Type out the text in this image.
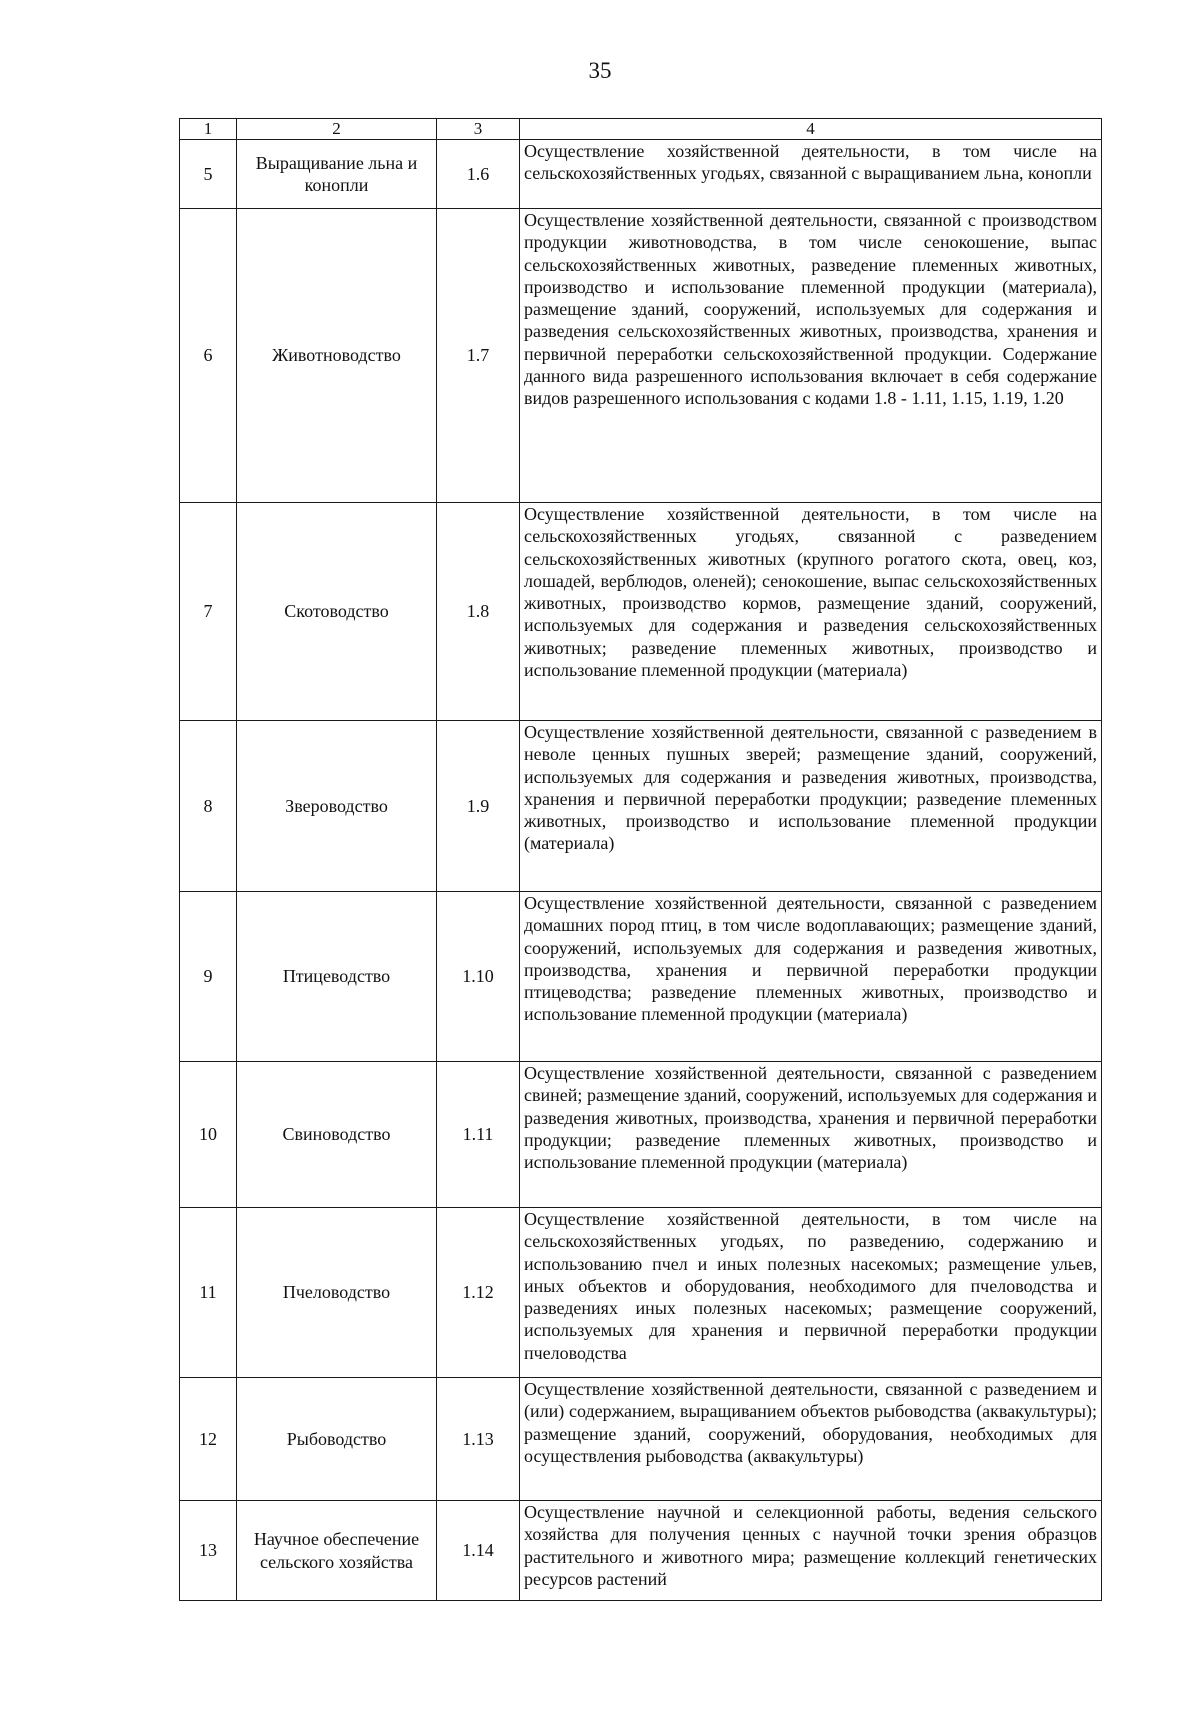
35
1	2	3	4
5	Выращивание льна и конопли	1.6	Осуществление хозяйственной деятельности, в том числе на сельскохозяйственных угодьях, связанной с выращиванием льна, конопли

6	Животноводство	1.7	Осуществление хозяйственной деятельности, связанной с производством продукции животноводства, в том числе сенокошение, выпас сельскохозяйственных животных, разведение племенных животных, производство и использование племенной продукции (материала), размещение зданий, сооружений, используемых для содержания и разведения сельскохозяйственных животных, производства, хранения и первичной переработки сельскохозяйственной продукции. Содержание данного вида разрешенного использования включает в себя содержание видов разрешенного использования с кодами 1.8 - 1.11, 1.15, 1.19, 1.20

7	Скотоводство	1.8	Осуществление хозяйственной деятельности, в том числе на сельскохозяйственных угодьях, связанной с разведением сельскохозяйственных животных (крупного рогатого скота, овец, коз, лошадей, верблюдов, оленей); сенокошение, выпас сельскохозяйственных животных, производство кормов, размещение зданий, сооружений, используемых для содержания и разведения сельскохозяйственных животных; разведение племенных животных, производство и использование племенной продукции (материала)

8	Звероводство	1.9	Осуществление хозяйственной деятельности, связанной с разведением в неволе ценных пушных зверей; размещение зданий, сооружений, используемых для содержания и разведения животных, производства, хранения и первичной переработки продукции; разведение племенных животных, производство и использование племенной продукции (материала)

9	Птицеводство	1.10	Осуществление хозяйственной деятельности, связанной с разведением домашних пород птиц, в том числе водоплавающих; размещение зданий, сооружений, используемых для содержания и разведения животных, производства, хранения и первичной переработки продукции птицеводства; разведение племенных животных, производство и использование племенной продукции (материала)

10	Свиноводство	1.11	Осуществление хозяйственной деятельности, связанной с разведением свиней; размещение зданий, сооружений, используемых для содержания и разведения животных, производства, хранения и первичной переработки продукции; разведение племенных животных, производство и использование племенной продукции (материала)

11	Пчеловодство	1.12	Осуществление хозяйственной деятельности, в том числе на сельскохозяйственных угодьях, по разведению, содержанию и использованию пчел и иных полезных насекомых; размещение ульев, иных объектов и оборудования, необходимого для пчеловодства и разведениях иных полезных насекомых; размещение сооружений, используемых для хранения и первичной переработки продукции пчеловодства

12	Рыбоводство	1.13	Осуществление хозяйственной деятельности, связанной с разведением и (или) содержанием, выращиванием объектов рыбоводства (аквакультуры); размещение зданий, сооружений, оборудования, необходимых для осуществления рыбоводства (аквакультуры)

13	Научное обеспечение сельского хозяйства	1.14	Осуществление научной и селекционной работы, ведения сельского хозяйства для получения ценных с научной точки зрения образцов растительного и животного мира; размещение коллекций генетических ресурсов растений
